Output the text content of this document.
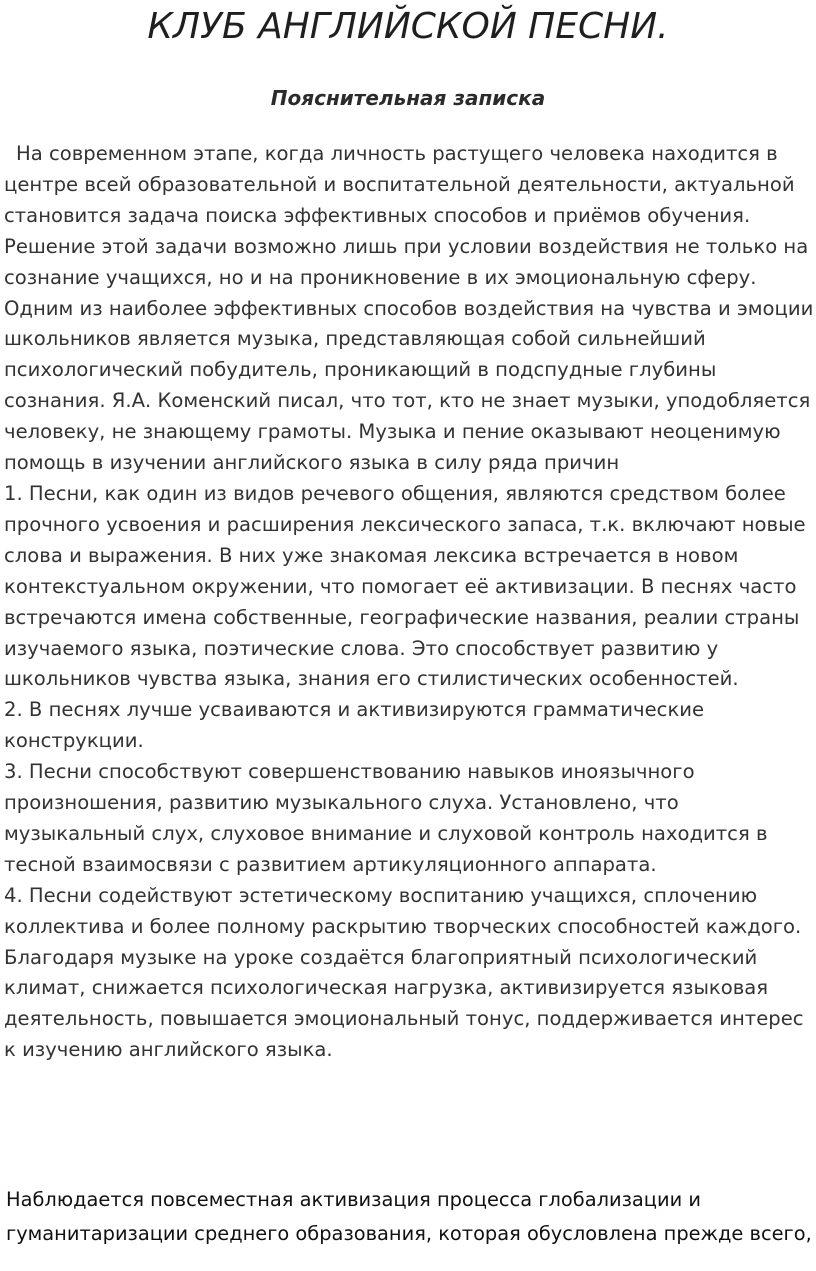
КЛУБ АНГЛИЙСКОЙ ПЕСНИ.
Пояснительная записка

На современном этапе, когда личность растущего человека находится в центре всей образовательной и воспитательной деятельности, актуальной становится задача поиска эффективных способов и приёмов обучения. Решение этой задачи возможно лишь при условии воздействия не только на сознание учащихся, но и на проникновение в их эмоциональную сферу. Одним из наиболее эффективных способов воздействия на чувства и эмоции школьников является музыка, представляющая собой сильнейший психологический побудитель, проникающий в подспудные глубины сознания. Я.А. Коменский писал, что тот, кто не знает музыки, уподобляется человеку, не знающему грамоты. Музыка и пение оказывают неоценимую помощь в изучении английского языка в силу ряда причин

1. Песни, как один из видов речевого общения, являются средством более прочного усвоения и расширения лексического запаса, т.к. включают новые слова и выражения. В них уже знакомая лексика встречается в новом контекстуальном окружении, что помогает её активизации. В песнях часто встречаются имена собственные, географические названия, реалии страны изучаемого языка, поэтические слова. Это способствует развитию у школьников чувства языка, знания его стилистических особенностей.

2. В песнях лучше усваиваются и активизируются грамматические конструкции.

3. Песни способствуют совершенствованию навыков иноязычного произношения, развитию музыкального слуха. Установлено, что музыкальный слух, слуховое внимание и слуховой контроль находится в тесной взаимосвязи с развитием артикуляционного аппарата.

4. Песни содействуют эстетическому воспитанию учащихся, сплочению коллектива и более полному раскрытию творческих способностей каждого. Благодаря музыке на уроке создаётся благоприятный психологический климат, снижается психологическая нагрузка, активизируется языковая деятельность, повышается эмоциональный тонус, поддерживается интерес к изучению английского языка.

Наблюдается повсеместная активизация процесса глобализации и гуманитаризации среднего образования, которая обусловлена прежде всего,
